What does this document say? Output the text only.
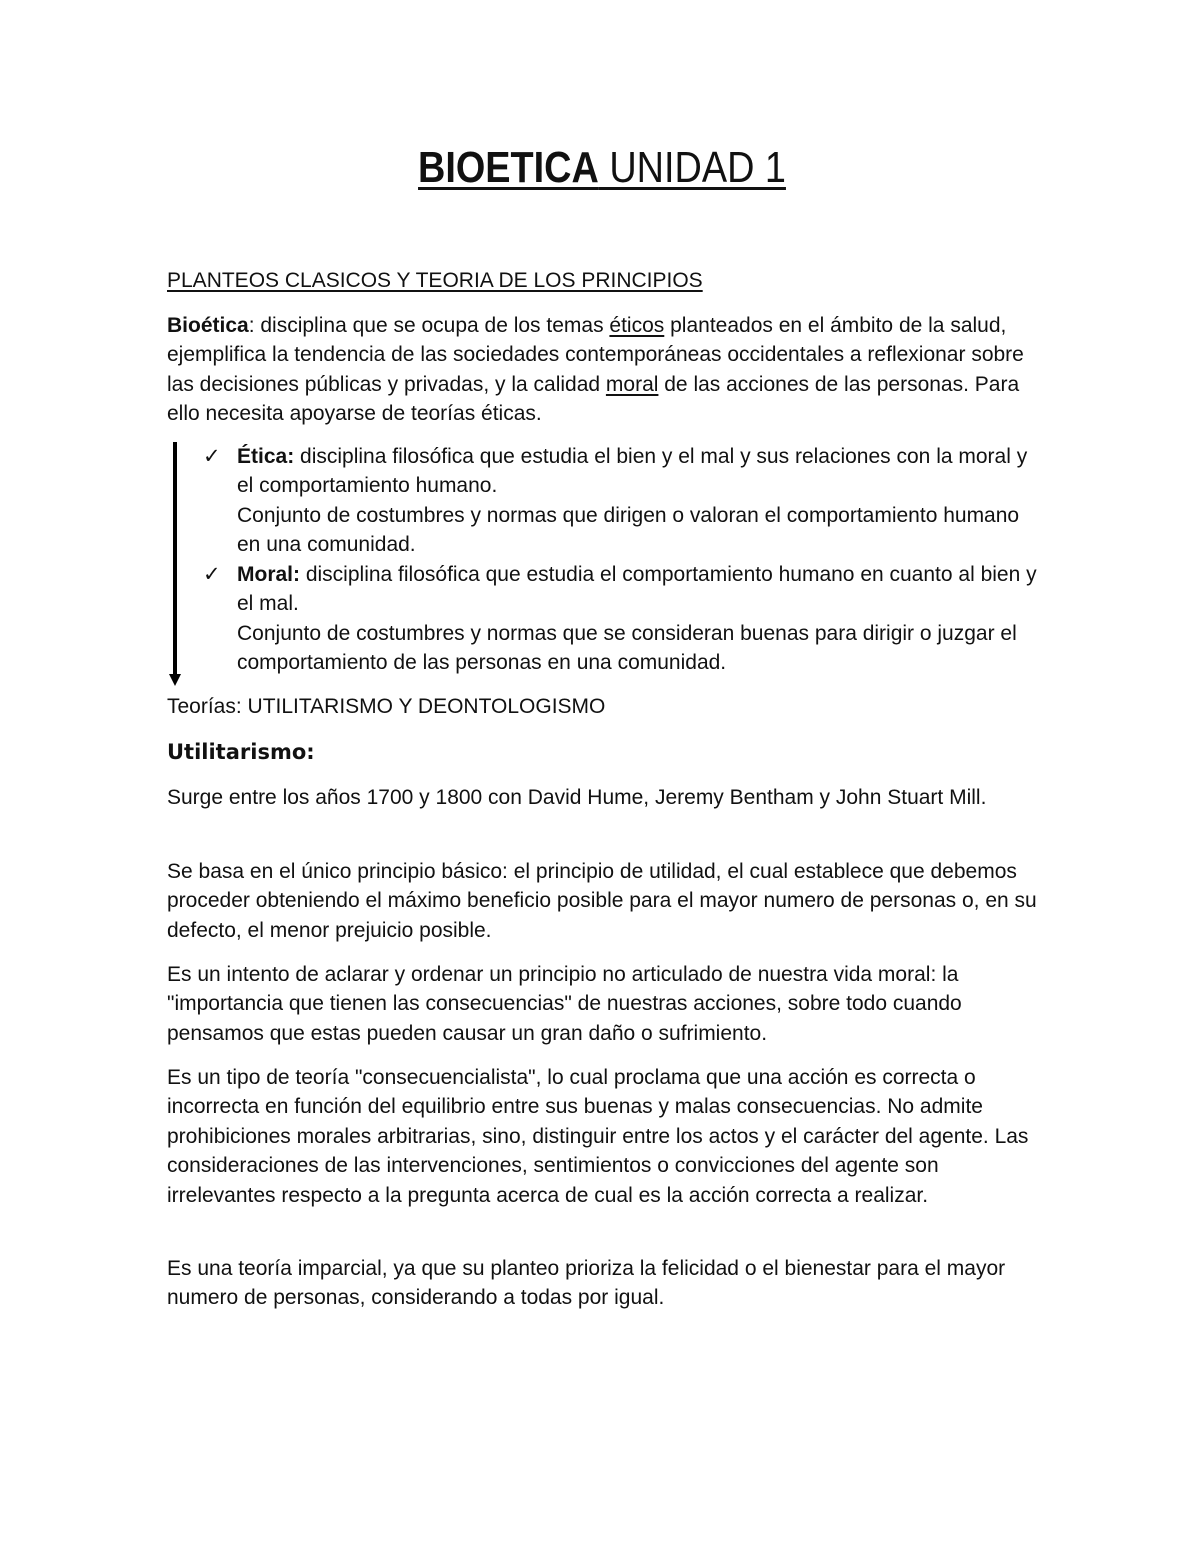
BIOETICA UNIDAD 1
PLANTEOS CLASICOS Y TEORIA DE LOS PRINCIPIOS

Bioética: disciplina que se ocupa de los temas éticos planteados en el ámbito de la salud, ejemplifica la tendencia de las sociedades contemporáneas occidentales a reflexionar sobre las decisiones públicas y privadas, y la calidad moral de las acciones de las personas. Para ello necesita apoyarse de teorías éticas.

✓ Ética: disciplina filosófica que estudia el bien y el mal y sus relaciones con la moral y el comportamiento humano.
Conjunto de costumbres y normas que dirigen o valoran el comportamiento humano en una comunidad.
✓ Moral: disciplina filosófica que estudia el comportamiento humano en cuanto al bien y el mal.
Conjunto de costumbres y normas que se consideran buenas para dirigir o juzgar el comportamiento de las personas en una comunidad.
Teorías: UTILITARISMO Y DEONTOLOGISMO
Utilitarismo:

Surge entre los años 1700 y 1800 con David Hume, Jeremy Bentham y John Stuart Mill.

Se basa en el único principio básico: el principio de utilidad, el cual establece que debemos proceder obteniendo el máximo beneficio posible para el mayor numero de personas o, en su defecto, el menor prejuicio posible.

Es un intento de aclarar y ordenar un principio no articulado de nuestra vida moral: la "importancia que tienen las consecuencias" de nuestras acciones, sobre todo cuando pensamos que estas pueden causar un gran daño o sufrimiento.

Es un tipo de teoría "consecuencialista", lo cual proclama que una acción es correcta o incorrecta en función del equilibrio entre sus buenas y malas consecuencias. No admite prohibiciones morales arbitrarias, sino, distinguir entre los actos y el carácter del agente. Las consideraciones de las intervenciones, sentimientos o convicciones del agente son irrelevantes respecto a la pregunta acerca de cual es la acción correcta a realizar.

Es una teoría imparcial, ya que su planteo prioriza la felicidad o el bienestar para el mayor numero de personas, considerando a todas por igual.
